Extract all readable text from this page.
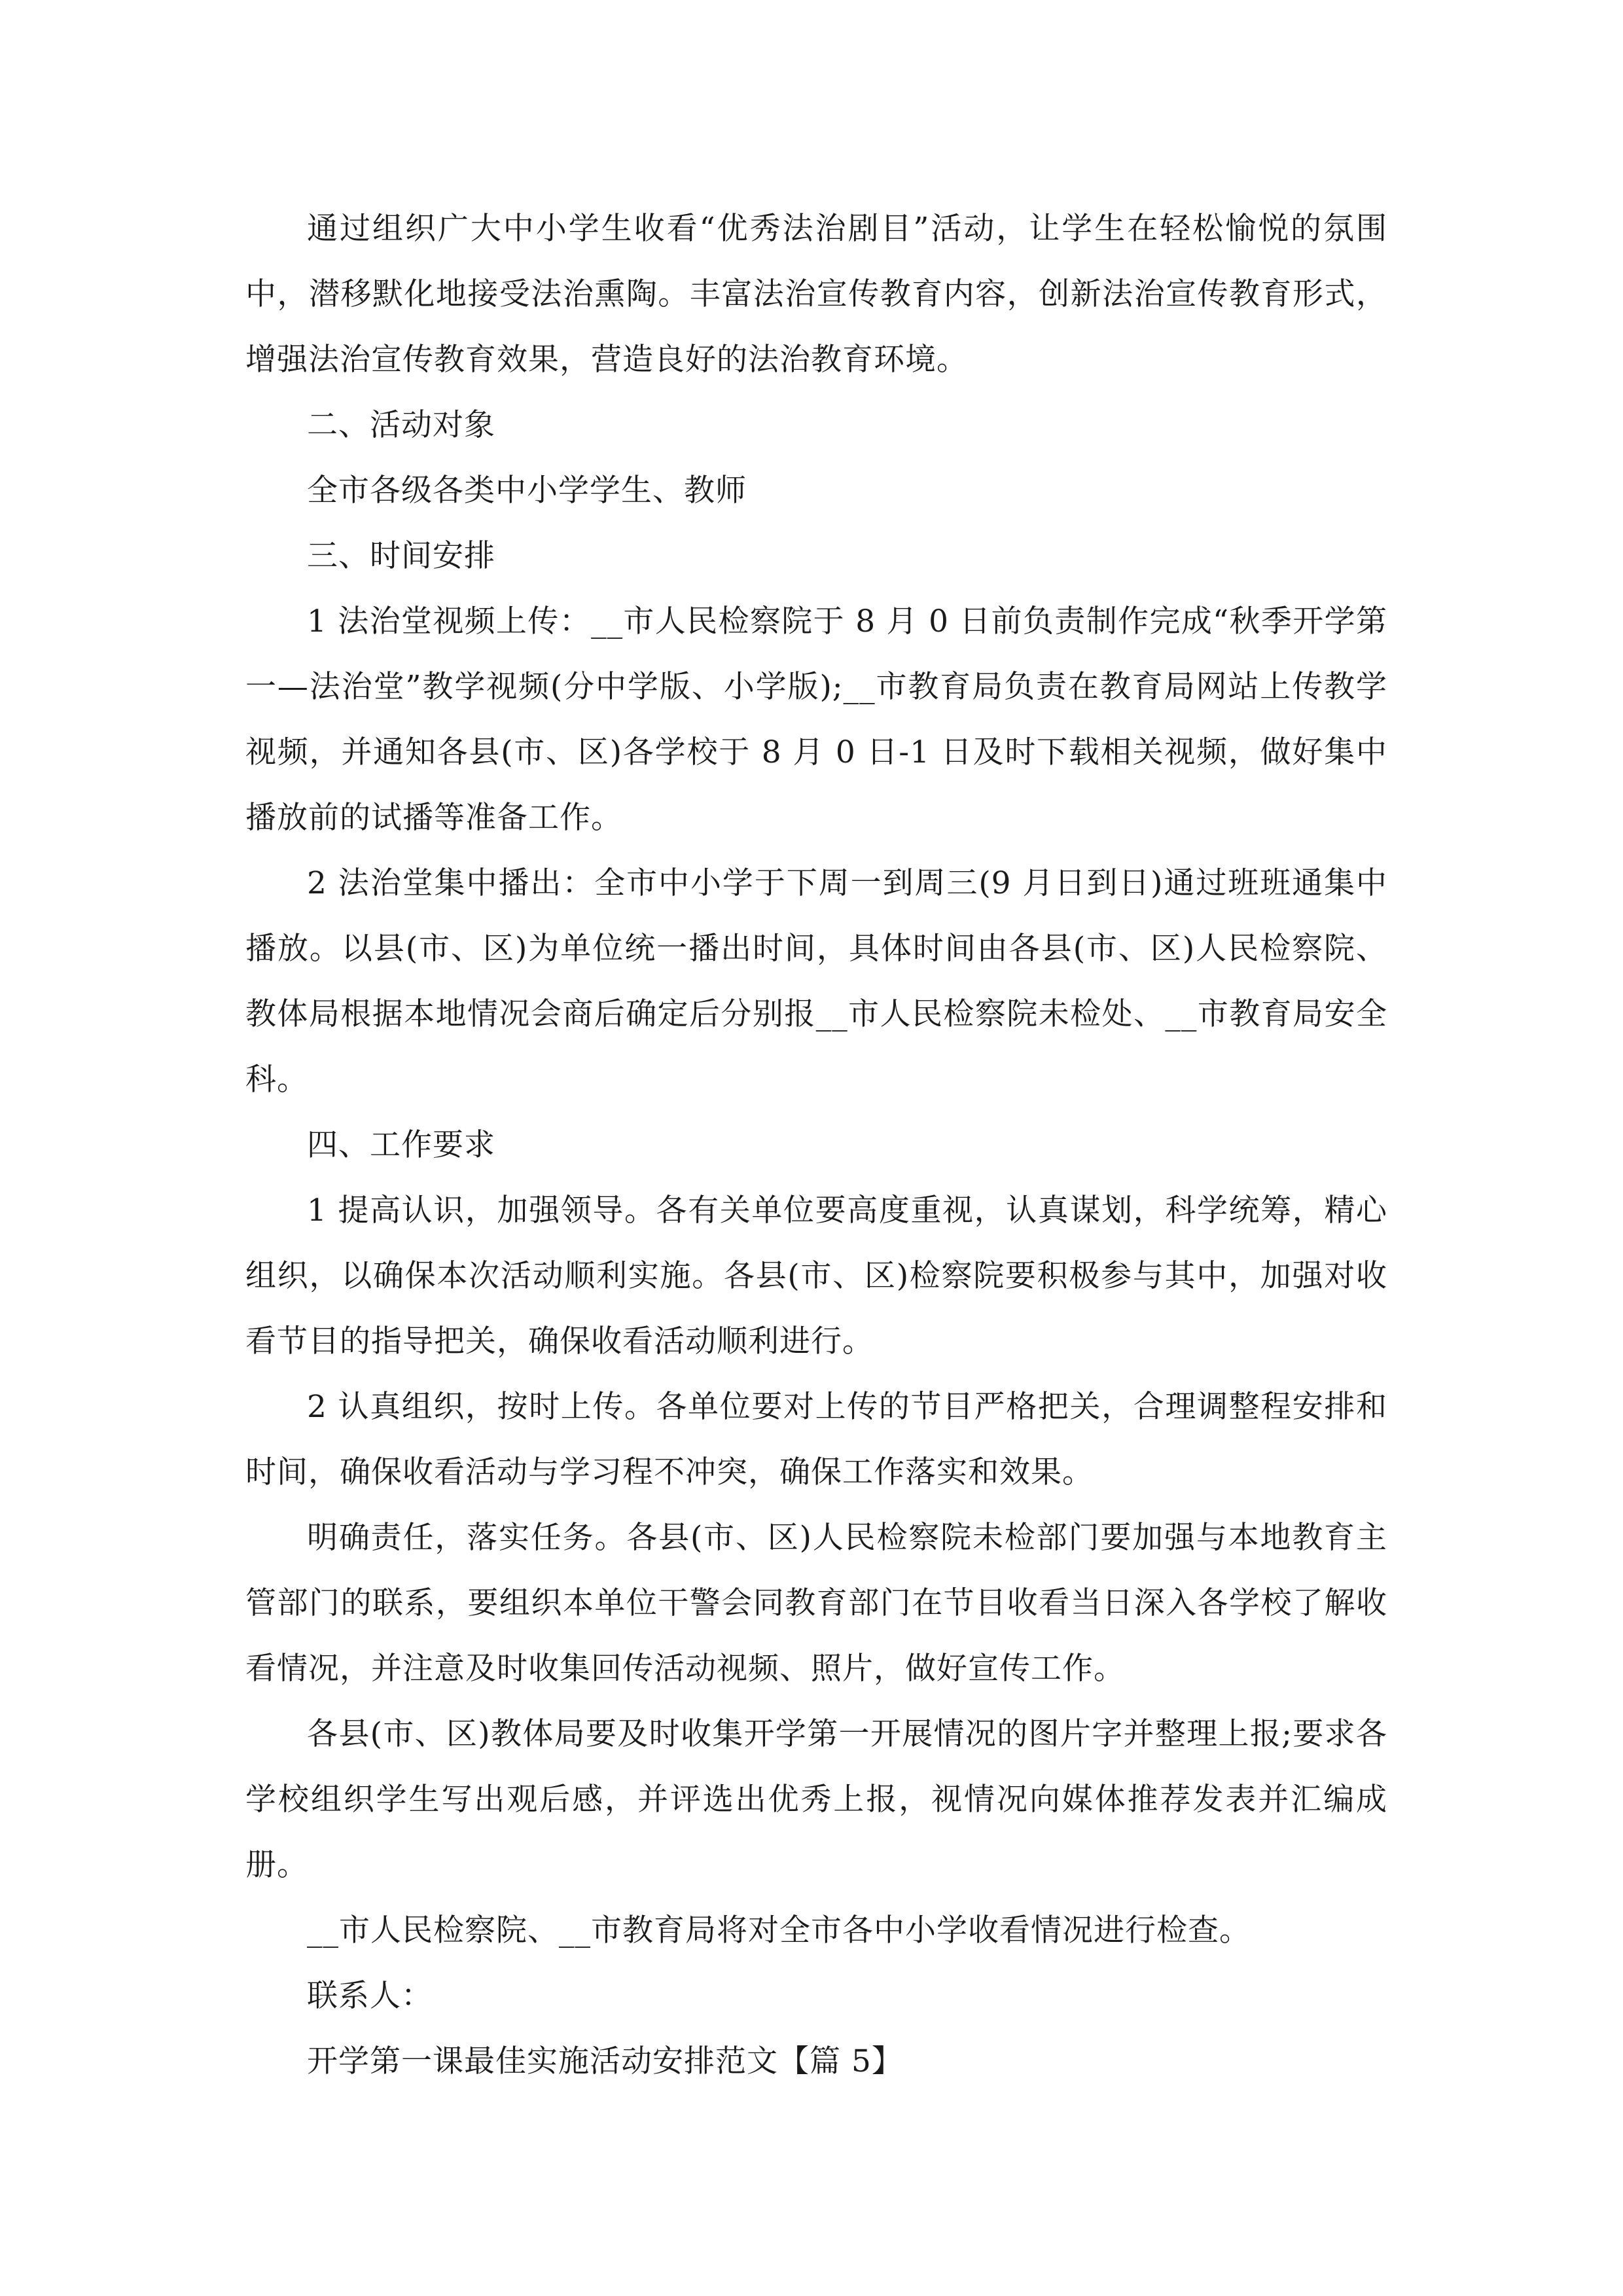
通过组织广大中小学生收看“优秀法治剧目”活动，让学生在轻松愉悦的氛围中，潜移默化地接受法治熏陶。丰富法治宣传教育内容，创新法治宣传教育形式，增强法治宣传教育效果，营造良好的法治教育环境。

二、活动对象

全市各级各类中小学学生、教师

三、时间安排

1 法治堂视频上传：__市人民检察院于 8 月 0 日前负责制作完成“秋季开学第一—法治堂”教学视频(分中学版、小学版);__市教育局负责在教育局网站上传教学视频，并通知各县(市、区)各学校于 8 月 0 日-1 日及时下载相关视频，做好集中播放前的试播等准备工作。

2 法治堂集中播出：全市中小学于下周一到周三(9 月日到日)通过班班通集中播放。以县(市、区)为单位统一播出时间，具体时间由各县(市、区)人民检察院、教体局根据本地情况会商后确定后分别报__市人民检察院未检处、__市教育局安全科。

四、工作要求

1 提高认识，加强领导。各有关单位要高度重视，认真谋划，科学统筹，精心组织，以确保本次活动顺利实施。各县(市、区)检察院要积极参与其中，加强对收看节目的指导把关，确保收看活动顺利进行。

2 认真组织，按时上传。各单位要对上传的节目严格把关，合理调整程安排和时间，确保收看活动与学习程不冲突，确保工作落实和效果。

明确责任，落实任务。各县(市、区)人民检察院未检部门要加强与本地教育主管部门的联系，要组织本单位干警会同教育部门在节目收看当日深入各学校了解收看情况，并注意及时收集回传活动视频、照片，做好宣传工作。

各县(市、区)教体局要及时收集开学第一开展情况的图片字并整理上报;要求各学校组织学生写出观后感，并评选出优秀上报，视情况向媒体推荐发表并汇编成册。

__市人民检察院、__市教育局将对全市各中小学收看情况进行检查。

联系人：

开学第一课最佳实施活动安排范文【篇 5】
